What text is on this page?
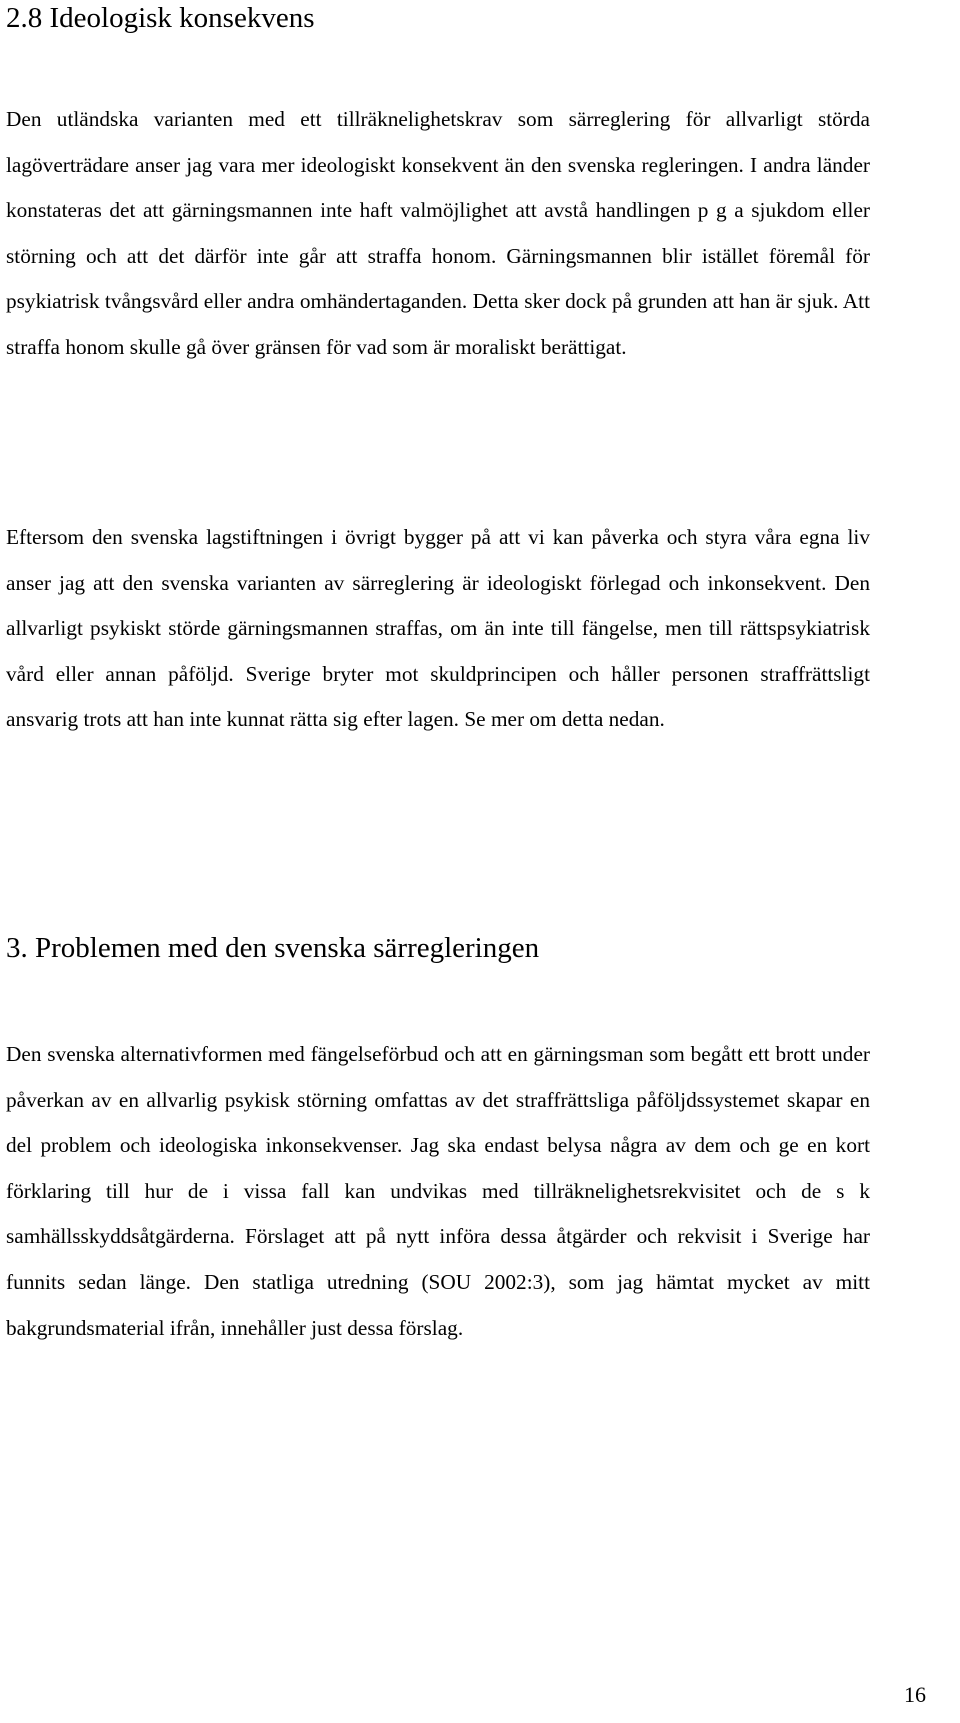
2.8 Ideologisk konsekvens

Den utländska varianten med ett tillräknelighetskrav som särreglering för allvarligt störda lagöverträdare anser jag vara mer ideologiskt konsekvent än den svenska regleringen. I andra länder konstateras det att gärningsmannen inte haft valmöjlighet att avstå handlingen p g a sjukdom eller störning och att det därför inte går att straffa honom. Gärningsmannen blir istället föremål för psykiatrisk tvångsvård eller andra omhändertaganden. Detta sker dock på grunden att han är sjuk. Att straffa honom skulle gå över gränsen för vad som är moraliskt berättigat.

Eftersom den svenska lagstiftningen i övrigt bygger på att vi kan påverka och styra våra egna liv anser jag att den svenska varianten av särreglering är ideologiskt förlegad och inkonsekvent. Den allvarligt psykiskt störde gärningsmannen straffas, om än inte till fängelse, men till rättspsykiatrisk vård eller annan påföljd. Sverige bryter mot skuldprincipen och håller personen straffrättsligt ansvarig trots att han inte kunnat rätta sig efter lagen. Se mer om detta nedan.

3. Problemen med den svenska särregleringen

Den svenska alternativformen med fängelseförbud och att en gärningsman som begått ett brott under påverkan av en allvarlig psykisk störning omfattas av det straffrättsliga påföljdssystemet skapar en del problem och ideologiska inkonsekvenser. Jag ska endast belysa några av dem och ge en kort förklaring till hur de i vissa fall kan undvikas med tillräknelighetsrekvisitet och de s k samhällsskyddsåtgärderna. Förslaget att på nytt införa dessa åtgärder och rekvisit i Sverige har funnits sedan länge. Den statliga utredning (SOU 2002:3), som jag hämtat mycket av mitt bakgrundsmaterial ifrån, innehåller just dessa förslag.

16
